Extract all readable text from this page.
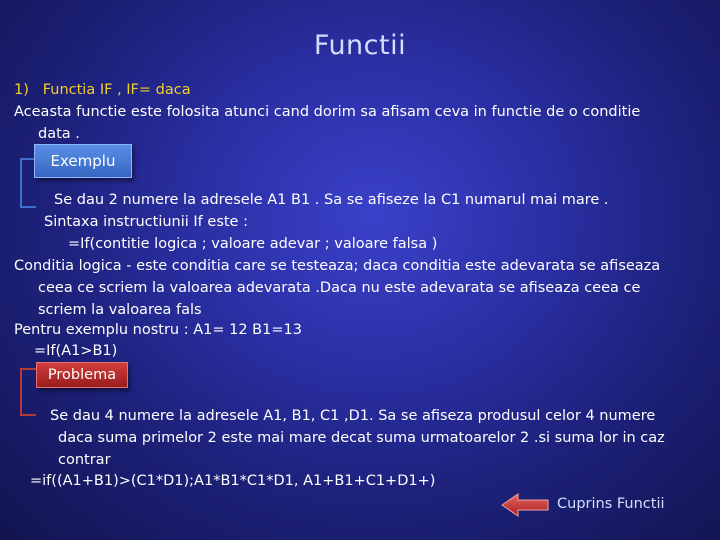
Functii
1) Functia IF , IF= daca
Aceasta functie este folosita atunci cand dorim sa afisam ceva in functie de o conditie
data .
Exemplu
Se dau 2 numere la adresele A1 B1 . Sa se afiseze la C1 numarul mai mare .
Sintaxa instructiunii If este :
=If(contitie logica ; valoare adevar ; valoare falsa )
Conditia logica - este conditia care se testeaza; daca conditia este adevarata se afiseaza
ceea ce scriem la valoarea adevarata .Daca nu este adevarata se afiseaza ceea ce
scriem la valoarea fals
Pentru exemplu nostru : A1= 12 B1=13
=If(A1>B1)
Problema
Se dau 4 numere la adresele A1, B1, C1 ,D1. Sa se afiseza produsul celor 4 numere
daca suma primelor 2 este mai mare decat suma urmatoarelor 2 .si suma lor in caz
contrar
=if((A1+B1)>(C1*D1);A1*B1*C1*D1, A1+B1+C1+D1+)
Cuprins Functii
